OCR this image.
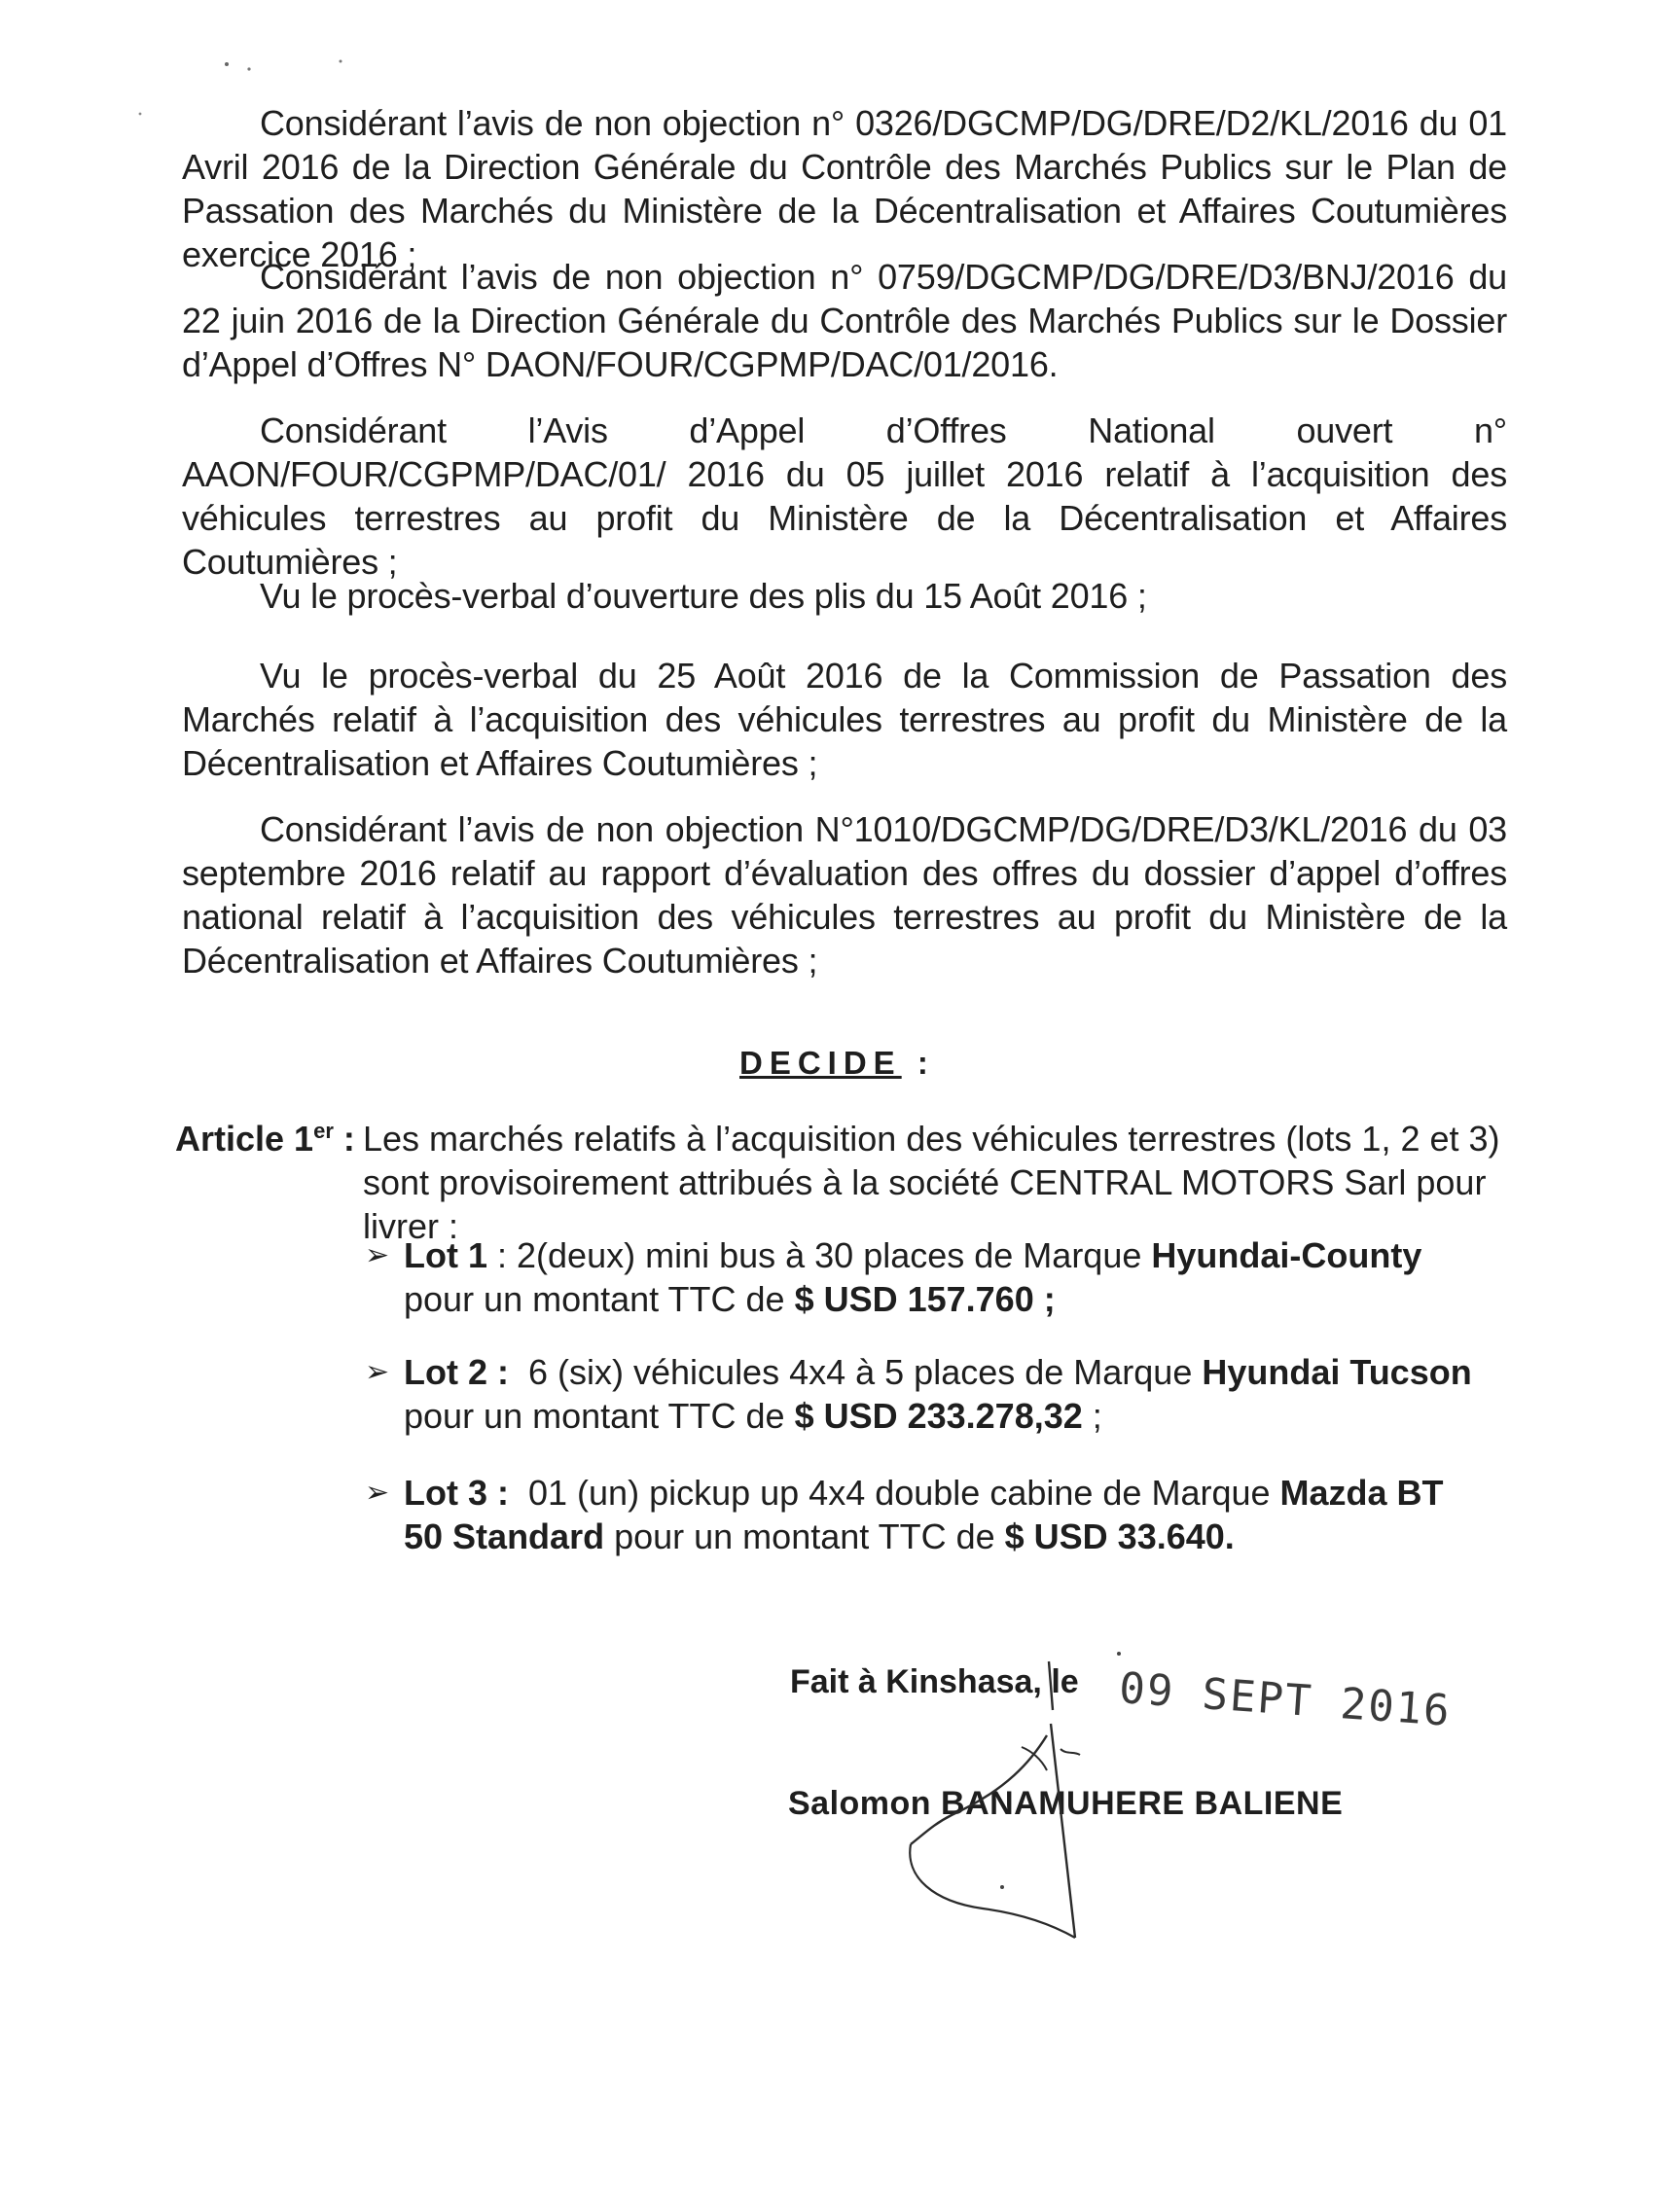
Considérant l’avis de non objection n° 0326/DGCMP/DG/DRE/D2/KL/2016 du 01 Avril 2016 de la Direction Générale du Contrôle des Marchés Publics sur le Plan de Passation des Marchés du Ministère de la Décentralisation et Affaires Coutumières exercice 2016 ;

Considérant l’avis de non objection n° 0759/DGCMP/DG/DRE/D3/BNJ/2016 du 22 juin 2016 de la Direction Générale du Contrôle des Marchés Publics sur le Dossier d’Appel d’Offres N° DAON/FOUR/CGPMP/DAC/01/2016.

Considérant l’Avis d’Appel d’Offres National ouvert n° AAON/FOUR/CGPMP/DAC/01/ 2016 du 05 juillet 2016 relatif à l’acquisition des véhicules terrestres au profit du Ministère de la Décentralisation et Affaires Coutumières ;

Vu le procès-verbal d’ouverture des plis du 15 Août 2016 ;

Vu le procès-verbal du 25 Août 2016 de la Commission de Passation des Marchés relatif à l’acquisition des véhicules terrestres au profit du Ministère de la Décentralisation et Affaires Coutumières ;

Considérant l’avis de non objection N°1010/DGCMP/DG/DRE/D3/KL/2016 du 03 septembre 2016 relatif au rapport d’évaluation des offres du dossier d’appel d’offres national relatif à l’acquisition des véhicules terrestres au profit du Ministère de la Décentralisation et Affaires Coutumières ;

DECIDE :
Article 1er : Les marchés relatifs à l’acquisition des véhicules terrestres (lots 1, 2 et 3) sont provisoirement attribués à la société CENTRAL MOTORS Sarl pour livrer :
➢ Lot 1 : 2(deux) mini bus à 30 places de Marque Hyundai-County pour un montant TTC de $ USD 157.760 ;
➢ Lot 2 : 6 (six) véhicules 4x4 à 5 places de Marque Hyundai Tucson pour un montant TTC de $ USD 233.278,32 ;
➢ Lot 3 : 01 (un) pickup up 4x4 double cabine de Marque Mazda BT 50 Standard pour un montant TTC de $ USD 33.640.
Fait à Kinshasa, le 09 SEPT 2016
Salomon BANAMUHERE BALIENE
